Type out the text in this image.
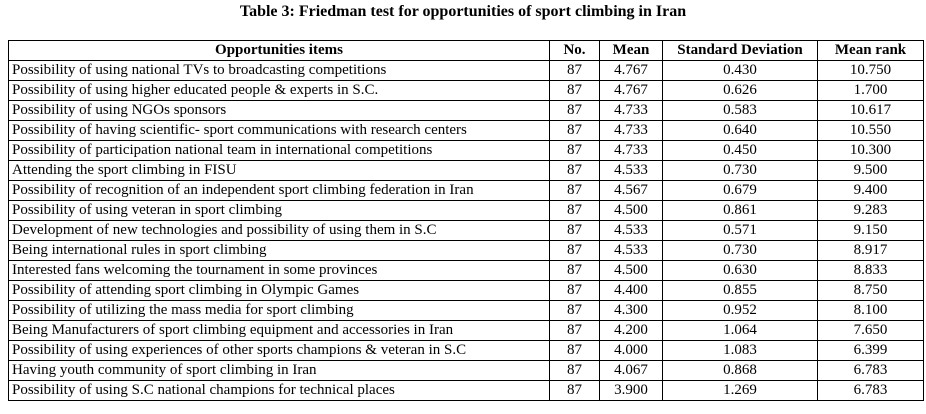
Table 3: Friedman test for opportunities of sport climbing in Iran
Opportunities items	No.	Mean	Standard Deviation	Mean rank
Possibility of using national TVs to broadcasting competitions	87	4.767	0.430	10.750
Possibility of using higher educated people & experts in S.C.	87	4.767	0.626	1.700
Possibility of using NGOs sponsors	87	4.733	0.583	10.617
Possibility of having scientific- sport communications with research centers	87	4.733	0.640	10.550
Possibility of participation national team in international competitions	87	4.733	0.450	10.300
Attending the sport climbing in FISU	87	4.533	0.730	9.500
Possibility of recognition of an independent sport climbing federation in Iran	87	4.567	0.679	9.400
Possibility of using veteran in sport climbing	87	4.500	0.861	9.283
Development of new technologies and possibility of using them in S.C	87	4.533	0.571	9.150
Being international rules in sport climbing	87	4.533	0.730	8.917
Interested fans welcoming the tournament in some provinces	87	4.500	0.630	8.833
Possibility of attending sport climbing in Olympic Games	87	4.400	0.855	8.750
Possibility of utilizing the mass media for sport climbing	87	4.300	0.952	8.100
Being Manufacturers of sport climbing equipment and accessories in Iran	87	4.200	1.064	7.650
Possibility of using experiences of other sports champions & veteran in S.C	87	4.000	1.083	6.399
Having youth community of sport climbing in Iran	87	4.067	0.868	6.783
Possibility of using S.C national champions for technical places	87	3.900	1.269	6.783
